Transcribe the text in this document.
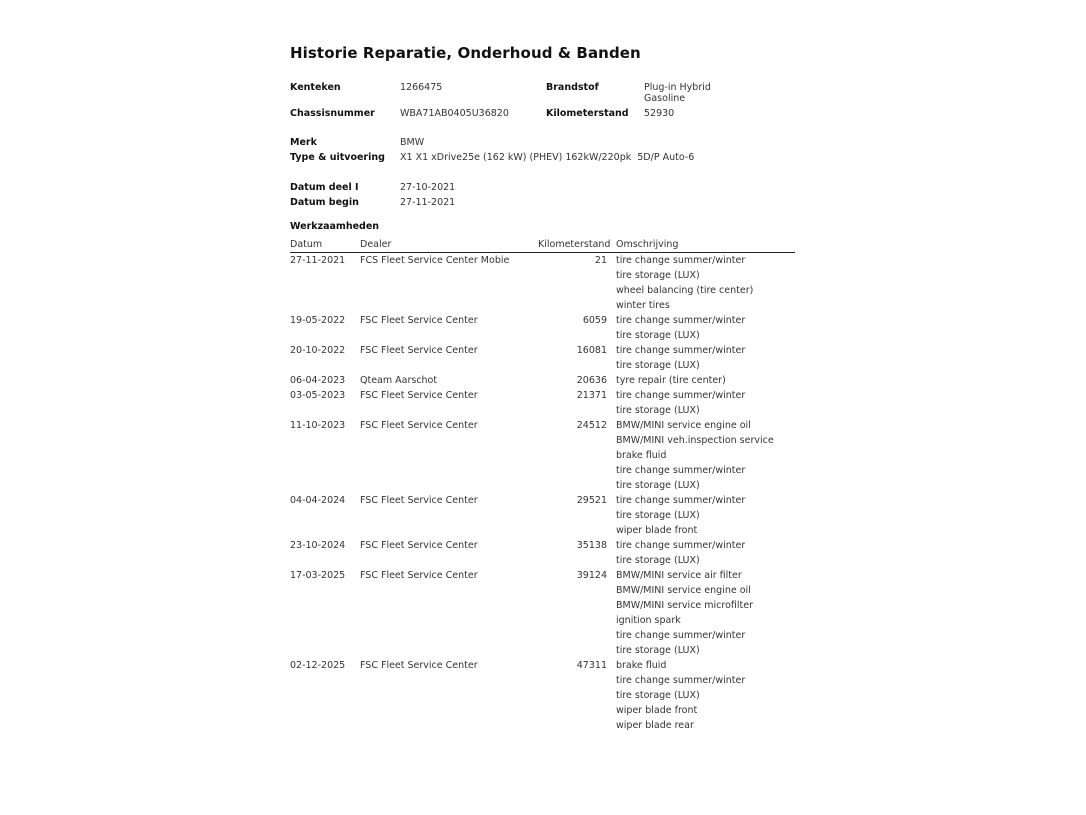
Historie Reparatie, Onderhoud & Banden
Kenteken	1266475	Brandstof	Plug-in Hybrid
Gasoline
Chassisnummer	WBA71AB0405U36820	Kilometerstand 52930
Merk	BMW
Type & uitvoering X1 X1 xDrive25e (162 kW) (PHEV) 162kW/220pk  5D/P Auto-6
Datum deel I	27-10-2021
Datum begin	27-11-2021
Werkzaamheden
Datum	Dealer	Kilometerstand Omschrijving
27-11-2021 FCS Fleet Service Center Mobie	21 tire change summer/winter
tire storage (LUX)
wheel balancing (tire center)
winter tires
19-05-2022 FSC Fleet Service Center	6059 tire change summer/winter
tire storage (LUX)
20-10-2022 FSC Fleet Service Center	16081 tire change summer/winter
tire storage (LUX)
06-04-2023 Qteam Aarschot	20636 tyre repair (tire center)
03-05-2023 FSC Fleet Service Center	21371 tire change summer/winter
tire storage (LUX)
11-10-2023 FSC Fleet Service Center	24512 BMW/MINI service engine oil
BMW/MINI veh.inspection service
brake fluid
tire change summer/winter
tire storage (LUX)
04-04-2024 FSC Fleet Service Center	29521 tire change summer/winter
tire storage (LUX)
wiper blade front
23-10-2024 FSC Fleet Service Center	35138 tire change summer/winter
tire storage (LUX)
17-03-2025 FSC Fleet Service Center	39124 BMW/MINI service air filter
BMW/MINI service engine oil
BMW/MINI service microfilter
ignition spark
tire change summer/winter
tire storage (LUX)
02-12-2025 FSC Fleet Service Center	47311 brake fluid
tire change summer/winter
tire storage (LUX)
wiper blade front
wiper blade rear
